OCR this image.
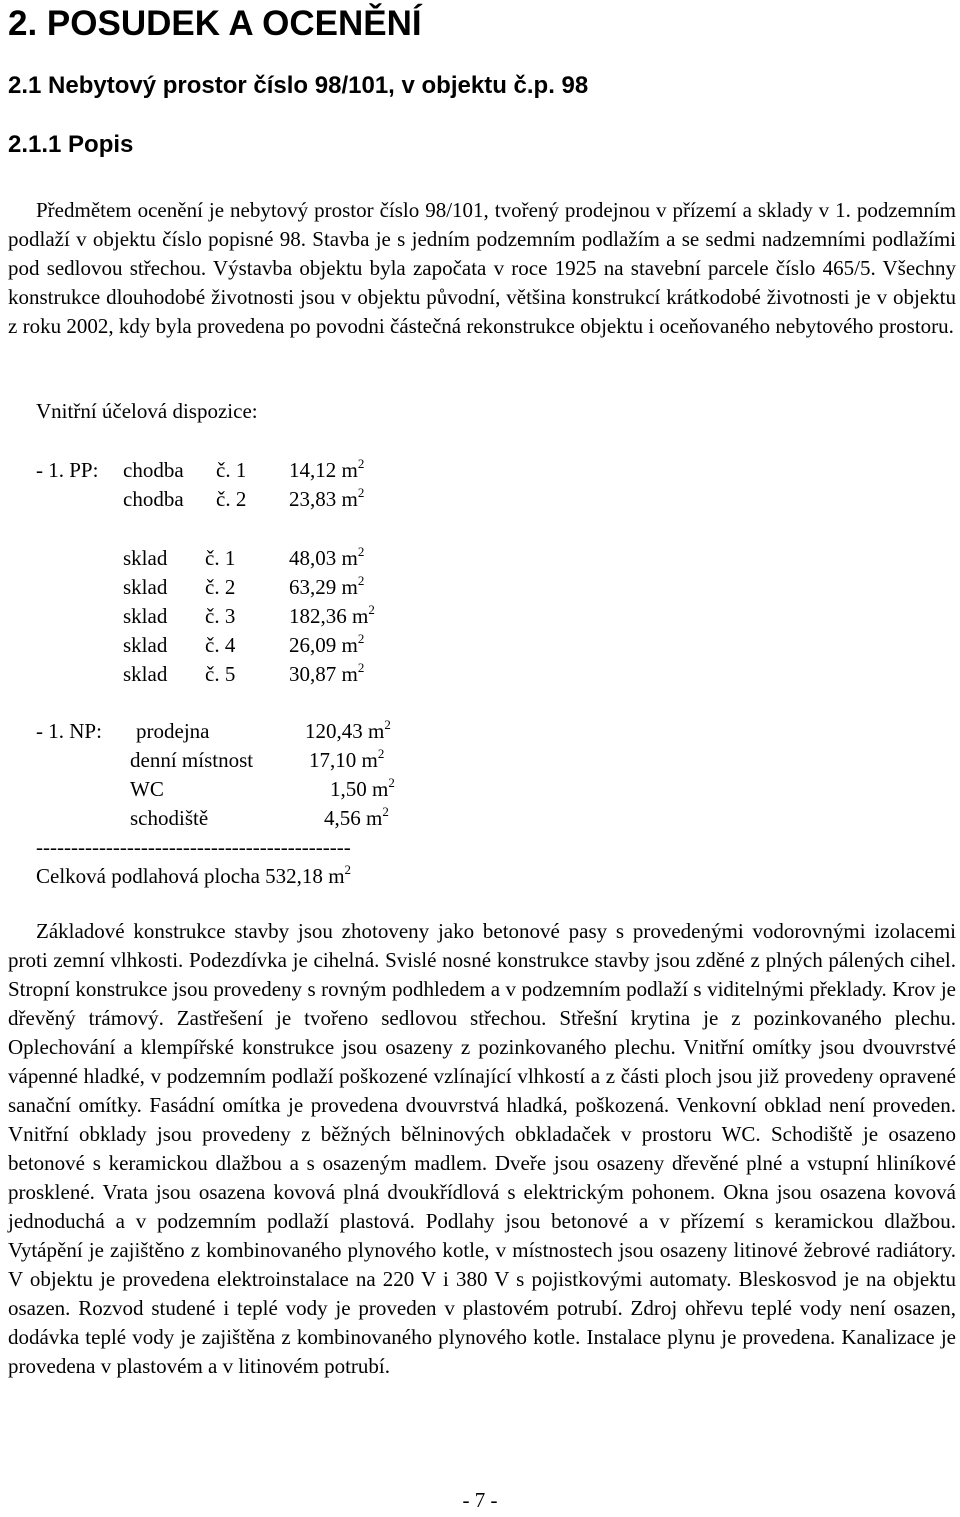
2. POSUDEK A OCENĚNÍ
2.1 Nebytový prostor číslo 98/101, v objektu č.p. 98
2.1.1 Popis

Předmětem ocenění je nebytový prostor číslo 98/101, tvořený prodejnou v přízemí a sklady v 1. podzemním podlaží v objektu číslo popisné 98. Stavba je s jedním podzemním podlažím a se sedmi nadzemními podlažími pod sedlovou střechou. Výstavba objektu byla započata v roce 1925 na stavební parcele číslo 465/5. Všechny konstrukce dlouhodobé životnosti jsou v objektu původní, většina konstrukcí krátkodobé životnosti je v objektu z roku 2002, kdy byla provedena po povodni částečná rekonstrukce objektu i oceňovaného nebytového prostoru.

Vnitřní účelová dispozice:

- 1. PP: chodba č. 1 14,12 $m^2$
chodba č. 2 23,83 $m^2$
sklad č. 1	48,03 $m^2$
sklad č. 2	63,29 $m^2$
sklad č. 3	182,36 $m^2$
sklad č. 4	26,09 $m^2$
sklad č. 5	30,87 $m^2$
- 1. NP: prodejna	120,43 $m^2$
denní místnost	17,10 $m^2$
WC	1,50 $m^2$
schodiště	4,56 $m^2$
---------------------------------------------
Celková podlahová plocha 532,18 $m^2$

Základové konstrukce stavby jsou zhotoveny jako betonové pasy s provedenými vodorovnými izolacemi proti zemní vlhkosti. Podezdívka je cihelná. Svislé nosné konstrukce stavby jsou zděné z plných pálených cihel. Stropní konstrukce jsou provedeny s rovným podhledem a v podzemním podlaží s viditelnými překlady. Krov je dřevěný trámový. Zastřešení je tvořeno sedlovou střechou. Střešní krytina je z pozinkovaného plechu. Oplechování a klempířské konstrukce jsou osazeny z pozinkovaného plechu. Vnitřní omítky jsou dvouvrstvé vápenné hladké, v podzemním podlaží poškozené vzlínající vlhkostí a z části ploch jsou již provedeny opravené sanační omítky. Fasádní omítka je provedena dvouvrstvá hladká, poškozená. Venkovní obklad není proveden. Vnitřní obklady jsou provedeny z běžných bělninových obkladaček v prostoru WC. Schodiště je osazeno betonové s keramickou dlažbou a s osazeným madlem. Dveře jsou osazeny dřevěné plné a vstupní hliníkové prosklené. Vrata jsou osazena kovová plná dvoukřídlová s elektrickým pohonem. Okna jsou osazena kovová jednoduchá a v podzemním podlaží plastová. Podlahy jsou betonové a v přízemí s keramickou dlažbou. Vytápění je zajištěno z kombinovaného plynového kotle, v místnostech jsou osazeny litinové žebrové radiátory. V objektu je provedena elektroinstalace na 220 V i 380 V s pojistkovými automaty. Bleskosvod je na objektu osazen. Rozvod studené i teplé vody je proveden v plastovém potrubí. Zdroj ohřevu teplé vody není osazen, dodávka teplé vody je zajištěna z kombinovaného plynového kotle. Instalace plynu je provedena. Kanalizace je provedena v plastovém a v litinovém potrubí.

- 7 -
